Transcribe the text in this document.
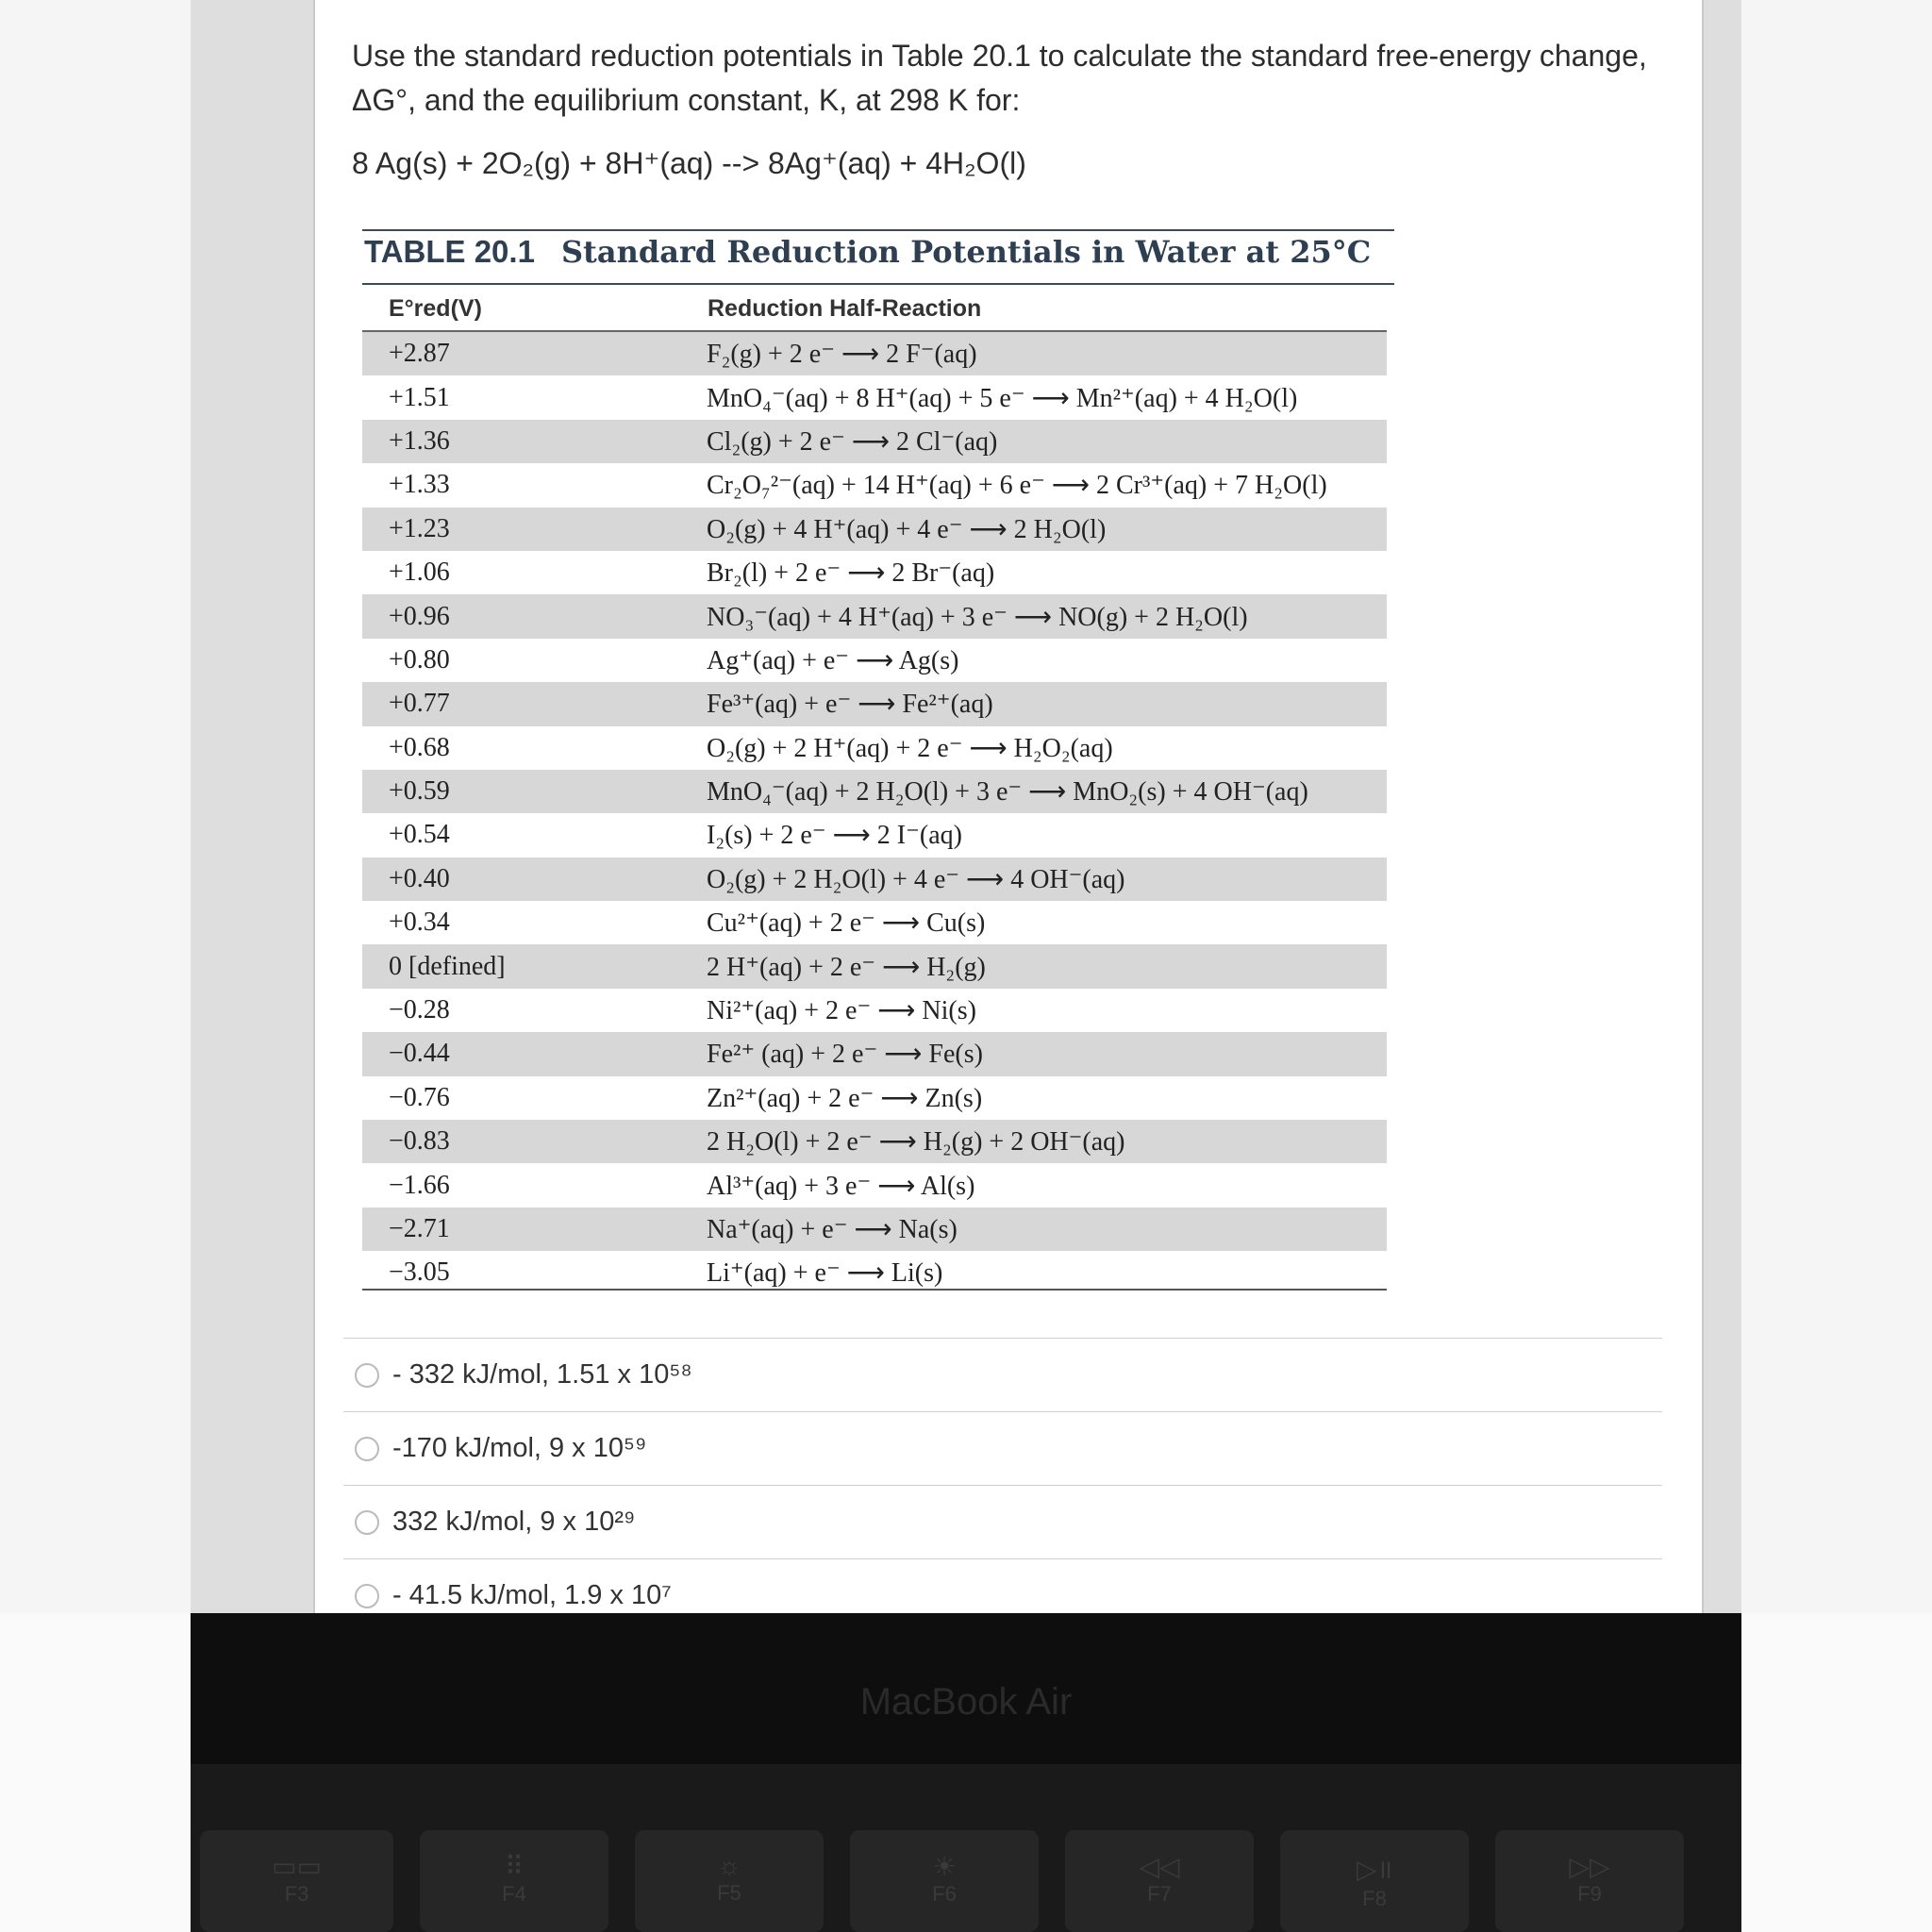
Use the standard reduction potentials in Table 20.1 to calculate the standard free-energy change, ΔG°, and the equilibrium constant, K, at 298 K for:
8 Ag(s) + 2O₂(g) + 8H⁺(aq) --> 8Ag⁺(aq) + 4H₂O(l)
TABLE 20.1 Standard Reduction Potentials in Water at 25°C
E°red(V)	Reduction Half-Reaction
+2.87	F₂(g) + 2 e⁻ ⟶ 2 F⁻(aq)
+1.51	MnO₄⁻(aq) + 8 H⁺(aq) + 5 e⁻ ⟶ Mn²⁺(aq) + 4 H₂O(l)
+1.36	Cl₂(g) + 2 e⁻ ⟶ 2 Cl⁻(aq)
+1.33	Cr₂O₇²⁻(aq) + 14 H⁺(aq) + 6 e⁻ ⟶ 2 Cr³⁺(aq) + 7 H₂O(l)
+1.23	O₂(g) + 4 H⁺(aq) + 4 e⁻ ⟶ 2 H₂O(l)
+1.06	Br₂(l) + 2 e⁻ ⟶ 2 Br⁻(aq)
+0.96	NO₃⁻(aq) + 4 H⁺(aq) + 3 e⁻ ⟶ NO(g) + 2 H₂O(l)
+0.80	Ag⁺(aq) + e⁻ ⟶ Ag(s)
+0.77	Fe³⁺(aq) + e⁻ ⟶ Fe²⁺(aq)
+0.68	O₂(g) + 2 H⁺(aq) + 2 e⁻ ⟶ H₂O₂(aq)
+0.59	MnO₄⁻(aq) + 2 H₂O(l) + 3 e⁻ ⟶ MnO₂(s) + 4 OH⁻(aq)
+0.54	I₂(s) + 2 e⁻ ⟶ 2 I⁻(aq)
+0.40	O₂(g) + 2 H₂O(l) + 4 e⁻ ⟶ 4 OH⁻(aq)
+0.34	Cu²⁺(aq) + 2 e⁻ ⟶ Cu(s)
0 [defined]	2 H⁺(aq) + 2 e⁻ ⟶ H₂(g)
−0.28	Ni²⁺(aq) + 2 e⁻ ⟶ Ni(s)
−0.44	Fe²⁺ (aq) + 2 e⁻ ⟶ Fe(s)
−0.76	Zn²⁺(aq) + 2 e⁻ ⟶ Zn(s)
−0.83	2 H₂O(l) + 2 e⁻ ⟶ H₂(g) + 2 OH⁻(aq)
−1.66	Al³⁺(aq) + 3 e⁻ ⟶ Al(s)
−2.71	Na⁺(aq) + e⁻ ⟶ Na(s)
−3.05	Li⁺(aq) + e⁻ ⟶ Li(s)
- 332 kJ/mol, 1.51 x 10⁵⁸
-170 kJ/mol, 9 x 10⁵⁹
332 kJ/mol, 9 x 10²⁹
- 41.5 kJ/mol, 1.9 x 10⁷
MacBook Air
▭▭
F3
⠿
F4
☼
F5
☀
F6
◁◁
F7
▷॥
F8
▷▷
F9
